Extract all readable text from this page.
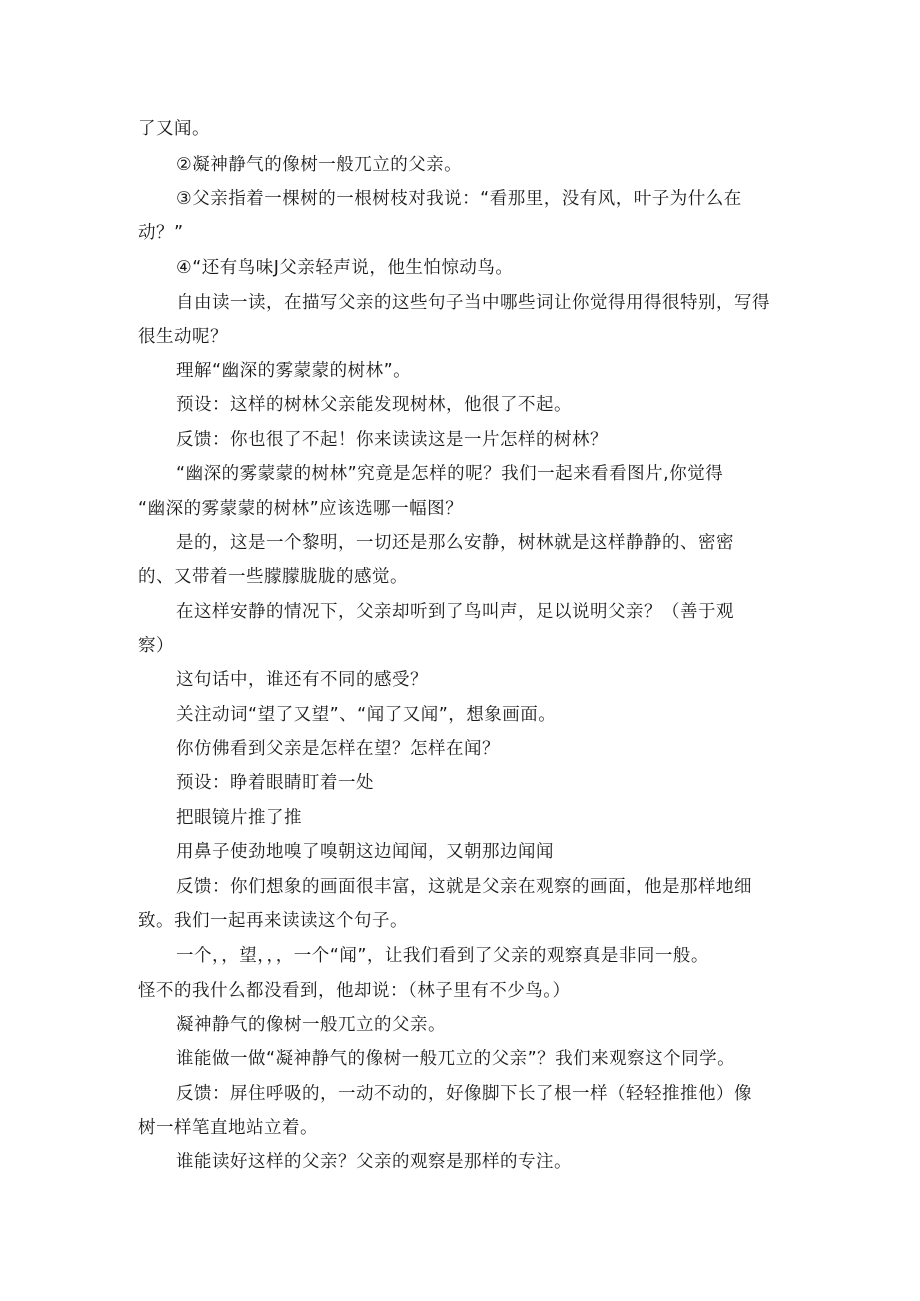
了又闻。
②凝神静气的像树一般兀立的父亲。
③父亲指着一棵树的一根树枝对我说：“看那里，没有风，叶子为什么在
动？”
④“还有鸟味J父亲轻声说，他生怕惊动鸟。
自由读一读，在描写父亲的这些句子当中哪些词让你觉得用得很特别，写得
很生动呢？
理解“幽深的雾蒙蒙的树林”。
预设：这样的树林父亲能发现树林，他很了不起。
反馈：你也很了不起！你来读读这是一片怎样的树林？
“幽深的雾蒙蒙的树林”究竟是怎样的呢？我们一起来看看图片,你觉得
“幽深的雾蒙蒙的树林”应该选哪一幅图？
是的，这是一个黎明，一切还是那么安静，树林就是这样静静的、密密
的、又带着一些朦朦胧胧的感觉。
在这样安静的情况下，父亲却听到了鸟叫声，足以说明父亲？（善于观
察）
这句话中，谁还有不同的感受？
关注动词“望了又望”、“闻了又闻”，想象画面。
你仿佛看到父亲是怎样在望？怎样在闻？
预设：睁着眼睛盯着一处
把眼镜片推了推
用鼻子使劲地嗅了嗅朝这边闻闻，又朝那边闻闻
反馈：你们想象的画面很丰富，这就是父亲在观察的画面，他是那样地细
致。我们一起再来读读这个句子。
一个，，望，，，一个“闻”，让我们看到了父亲的观察真是非同一般。
怪不的我什么都没看到，他却说：（林子里有不少鸟。）
凝神静气的像树一般兀立的父亲。
谁能做一做“凝神静气的像树一般兀立的父亲”？我们来观察这个同学。
反馈：屏住呼吸的，一动不动的，好像脚下长了根一样（轻轻推推他）像
树一样笔直地站立着。
谁能读好这样的父亲？父亲的观察是那样的专注。
